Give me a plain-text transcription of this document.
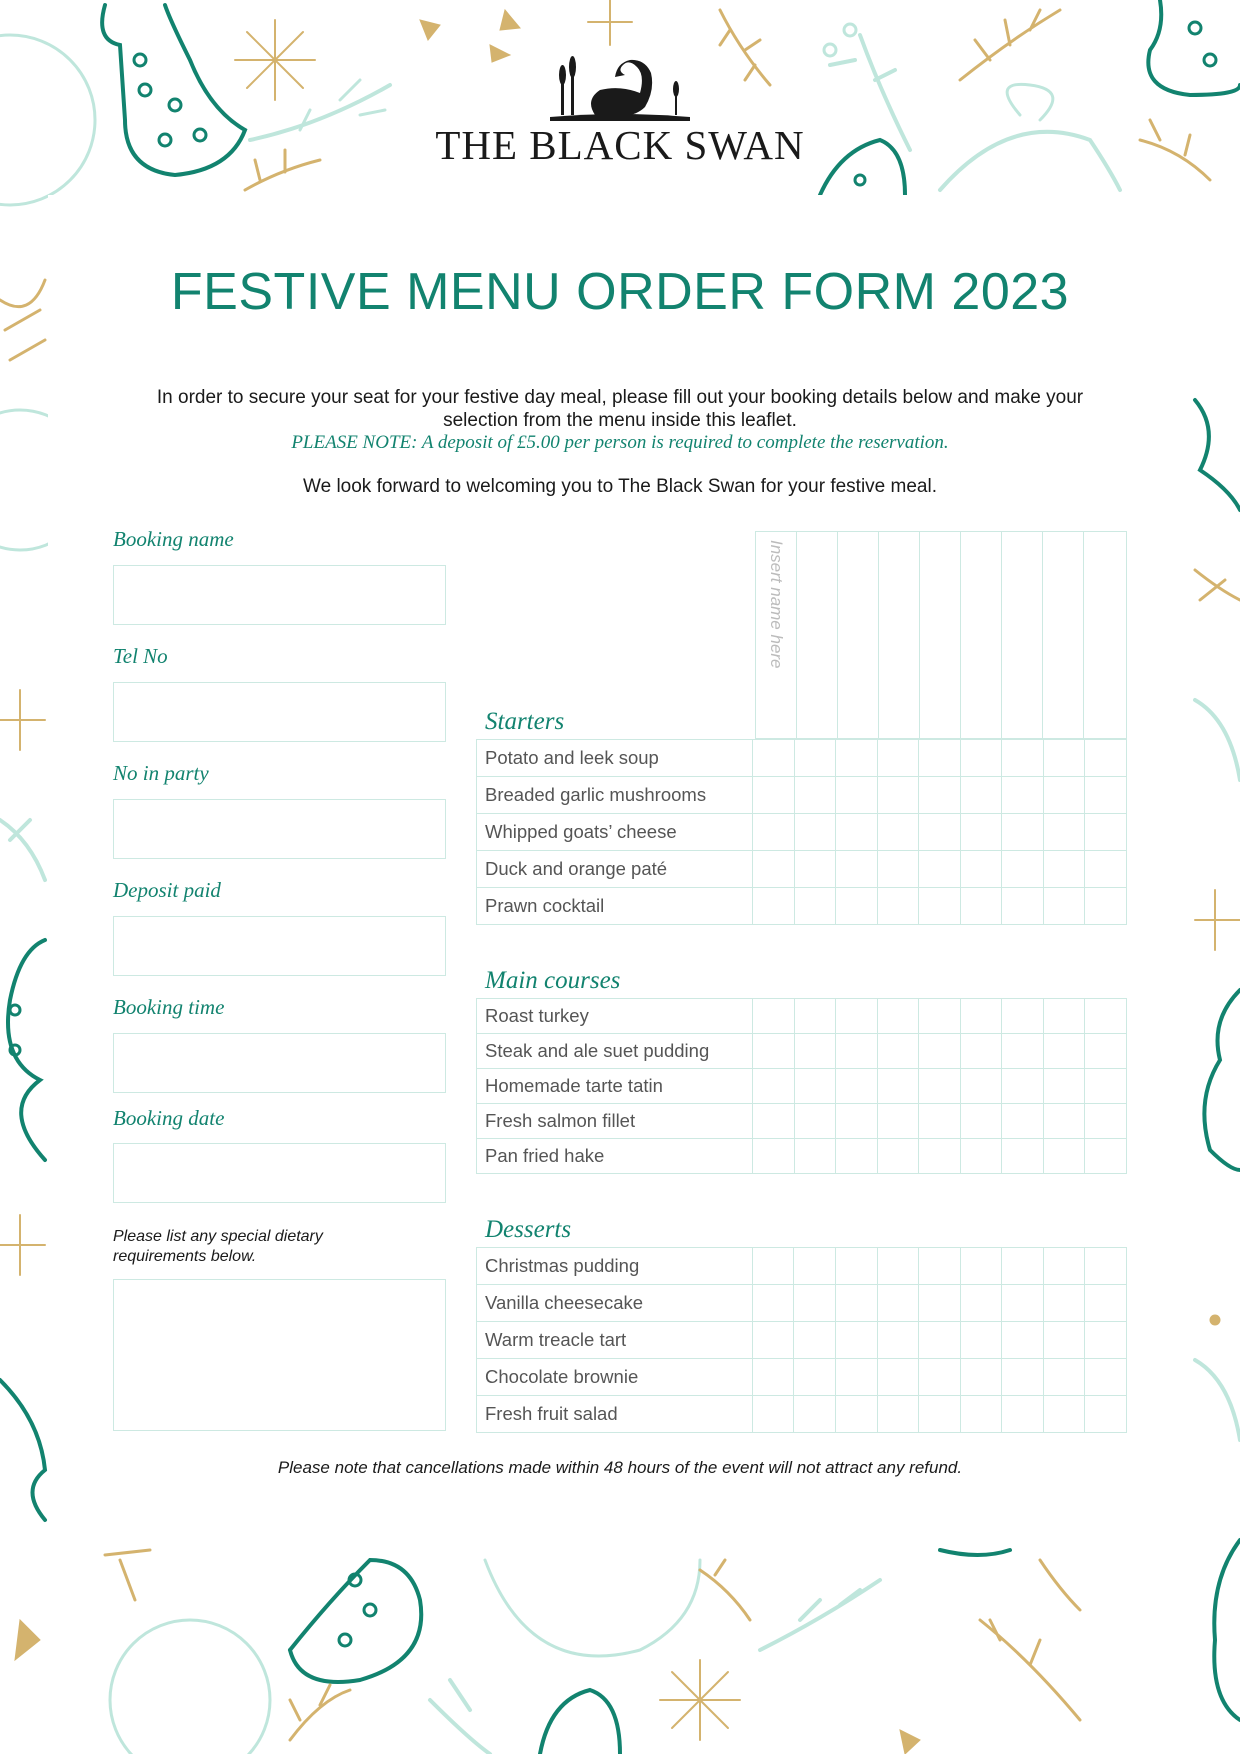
THE BLACK SWAN
FESTIVE MENU ORDER FORM 2023

In order to secure your seat for your festive day meal, please fill out your booking details below and make your selection from the menu inside this leaflet.

PLEASE NOTE: A deposit of £5.00 per person is required to complete the reservation.

We look forward to welcoming you to The Black Swan for your festive meal.

Booking name

Tel No

No in party

Deposit paid

Booking time

Booking date

Please list any special dietary requirements below.

Insert name here

Starters

Potato and leek soup									
Breaded garlic mushrooms									
Whipped goats’ cheese									
Duck and orange paté									
Prawn cocktail									

Main courses

Roast turkey									
Steak and ale suet pudding									
Homemade tarte tatin									
Fresh salmon fillet									
Pan fried hake									

Desserts

Christmas pudding									
Vanilla cheesecake									
Warm treacle tart									
Chocolate brownie									
Fresh fruit salad									

Please note that cancellations made within 48 hours of the event will not attract any refund.
